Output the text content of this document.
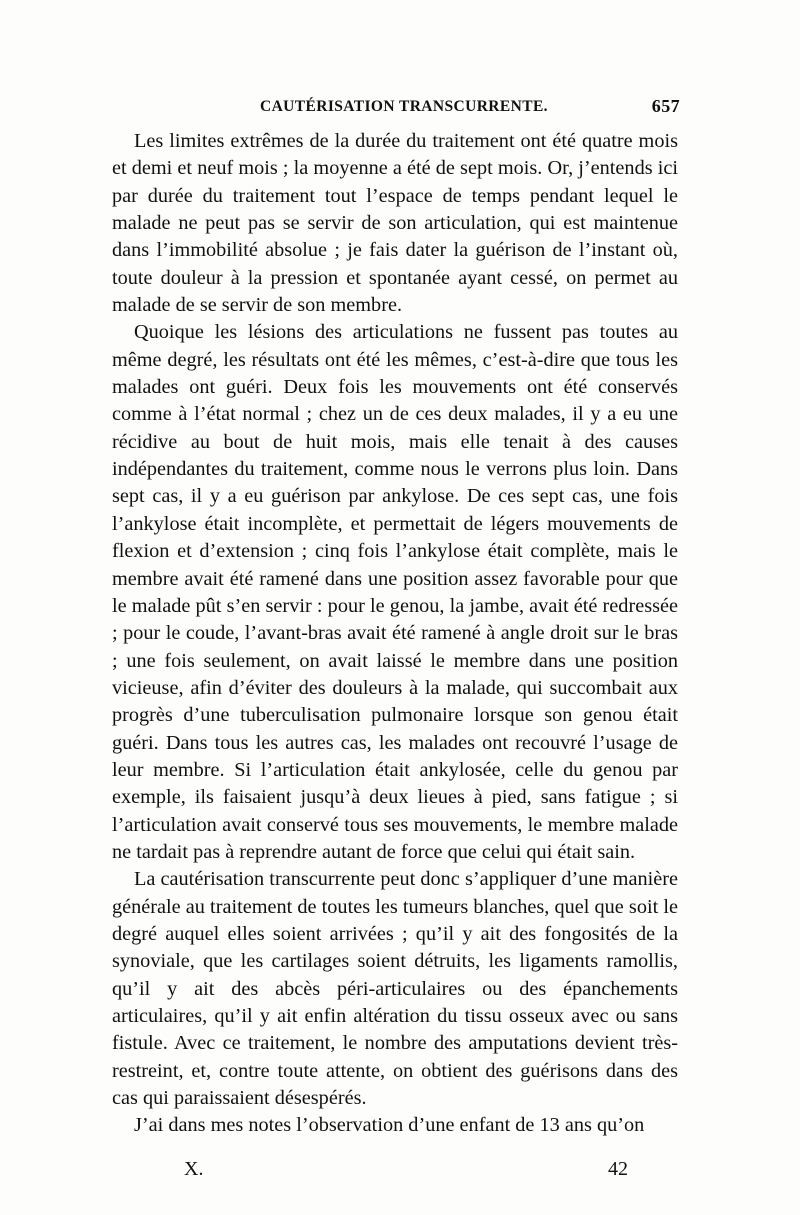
CAUTÉRISATION TRANSCURRENTE.	657

Les limites extrêmes de la durée du traitement ont été quatre mois et demi et neuf mois ; la moyenne a été de sept mois. Or, j’entends ici par durée du traitement tout l’espace de temps pendant lequel le malade ne peut pas se servir de son articulation, qui est maintenue dans l’immobilité absolue ; je fais dater la guérison de l’instant où, toute douleur à la pression et spontanée ayant cessé, on permet au malade de se servir de son membre.

Quoique les lésions des articulations ne fussent pas toutes au même degré, les résultats ont été les mêmes, c’est-à-dire que tous les malades ont guéri. Deux fois les mouvements ont été conservés comme à l’état normal ; chez un de ces deux malades, il y a eu une récidive au bout de huit mois, mais elle tenait à des causes indépendantes du traitement, comme nous le verrons plus loin. Dans sept cas, il y a eu guérison par ankylose. De ces sept cas, une fois l’ankylose était incomplète, et permettait de légers mouvements de flexion et d’extension ; cinq fois l’ankylose était complète, mais le membre avait été ramené dans une position assez favorable pour que le malade pût s’en servir : pour le genou, la jambe, avait été redressée ; pour le coude, l’avant-bras avait été ramené à angle droit sur le bras ; une fois seulement, on avait laissé le membre dans une position vicieuse, afin d’éviter des douleurs à la malade, qui succombait aux progrès d’une tuberculisation pulmonaire lorsque son genou était guéri. Dans tous les autres cas, les malades ont recouvré l’usage de leur membre. Si l’articulation était ankylosée, celle du genou par exemple, ils faisaient jusqu’à deux lieues à pied, sans fatigue ; si l’articulation avait conservé tous ses mouvements, le membre malade ne tardait pas à reprendre autant de force que celui qui était sain.

La cautérisation transcurrente peut donc s’appliquer d’une manière générale au traitement de toutes les tumeurs blanches, quel que soit le degré auquel elles soient arrivées ; qu’il y ait des fongosités de la synoviale, que les cartilages soient détruits, les ligaments ramollis, qu’il y ait des abcès péri-articulaires ou des épanchements articulaires, qu’il y ait enfin altération du tissu osseux avec ou sans fistule. Avec ce traitement, le nombre des amputations devient très-restreint, et, contre toute attente, on obtient des guérisons dans des cas qui paraissaient désespérés.

J’ai dans mes notes l’observation d’une enfant de 13 ans qu’on

X.	42
